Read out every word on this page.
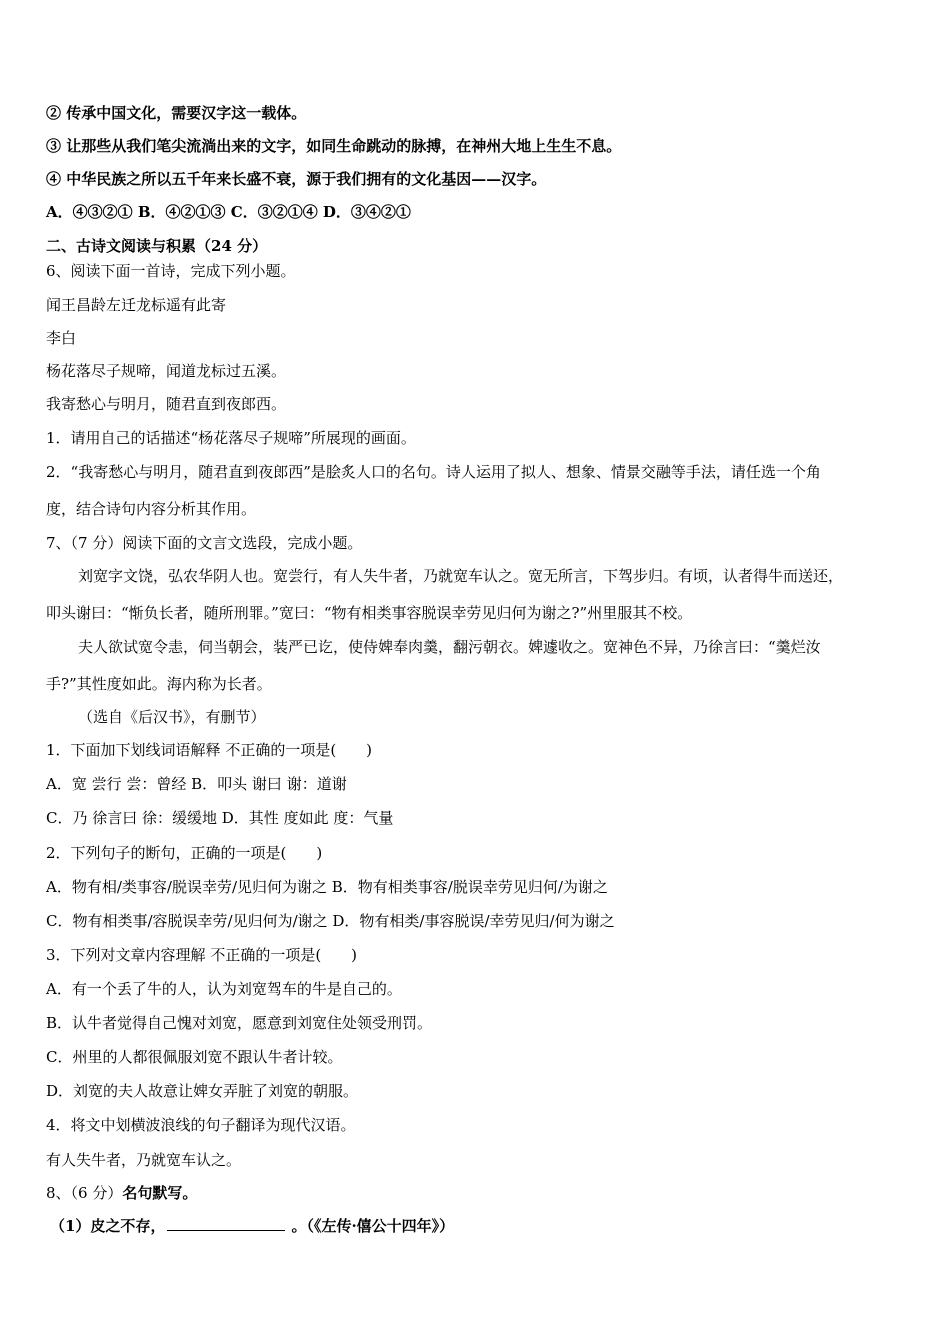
② 传承中国文化，需要汉字这一载体。
③ 让那些从我们笔尖流淌出来的文字，如同生命跳动的脉搏，在神州大地上生生不息。
④ 中华民族之所以五千年来长盛不衰，源于我们拥有的文化基因——汉字。
A．④③②① B．④②①③ C．③②①④ D．③④②①
二、古诗文阅读与积累（24 分）
6、阅读下面一首诗，完成下列小题。
闻王昌龄左迁龙标遥有此寄
李白
杨花落尽子规啼，闻道龙标过五溪。
我寄愁心与明月，随君直到夜郎西。
1．请用自己的话描述“杨花落尽子规啼”所展现的画面。
2．“我寄愁心与明月，随君直到夜郎西”是脍炙人口的名句。诗人运用了拟人、想象、情景交融等手法，请任选一个角
度，结合诗句内容分析其作用。
7、（7 分）阅读下面的文言文选段，完成小题。
刘宽字文饶，弘农华阴人也。宽尝行，有人失牛者，乃就宽车认之。宽无所言，下驾步归。有顷，认者得牛而送还，
叩头谢曰：“惭负长者，随所刑罪。”宽曰：“物有相类事容脱误幸劳见归何为谢之?”州里服其不校。
夫人欲试宽令恚，伺当朝会，装严已讫，使侍婢奉肉羹，翻污朝衣。婢遽收之。宽神色不异，乃徐言曰：“羹烂汝
手?”其性度如此。海内称为长者。
（选自《后汉书》，有删节）
1．下面加下划线词语解释 不正确的一项是(　　)
A．宽 尝行 尝：曾经 B．叩头 谢曰 谢：道谢
C．乃 徐言曰 徐：缓缓地 D．其性 度如此 度：气量
2．下列句子的断句，正确的一项是(　　)
A．物有相/类事容/脱误幸劳/见归何为谢之 B．物有相类事容/脱误幸劳见归何/为谢之
C．物有相类事/容脱误幸劳/见归何为/谢之 D．物有相类/事容脱误/幸劳见归/何为谢之
3．下列对文章内容理解 不正确的一项是(　　)
A．有一个丢了牛的人，认为刘宽驾车的牛是自己的。
B．认牛者觉得自己愧对刘宽，愿意到刘宽住处领受刑罚。
C．州里的人都很佩服刘宽不跟认牛者计较。
D．刘宽的夫人故意让婢女弄脏了刘宽的朝服。
4．将文中划横波浪线的句子翻译为现代汉语。
有人失牛者，乃就宽车认之。
8、（6 分）名句默写。
（1）皮之不存，	。（《左传·僖公十四年》）
